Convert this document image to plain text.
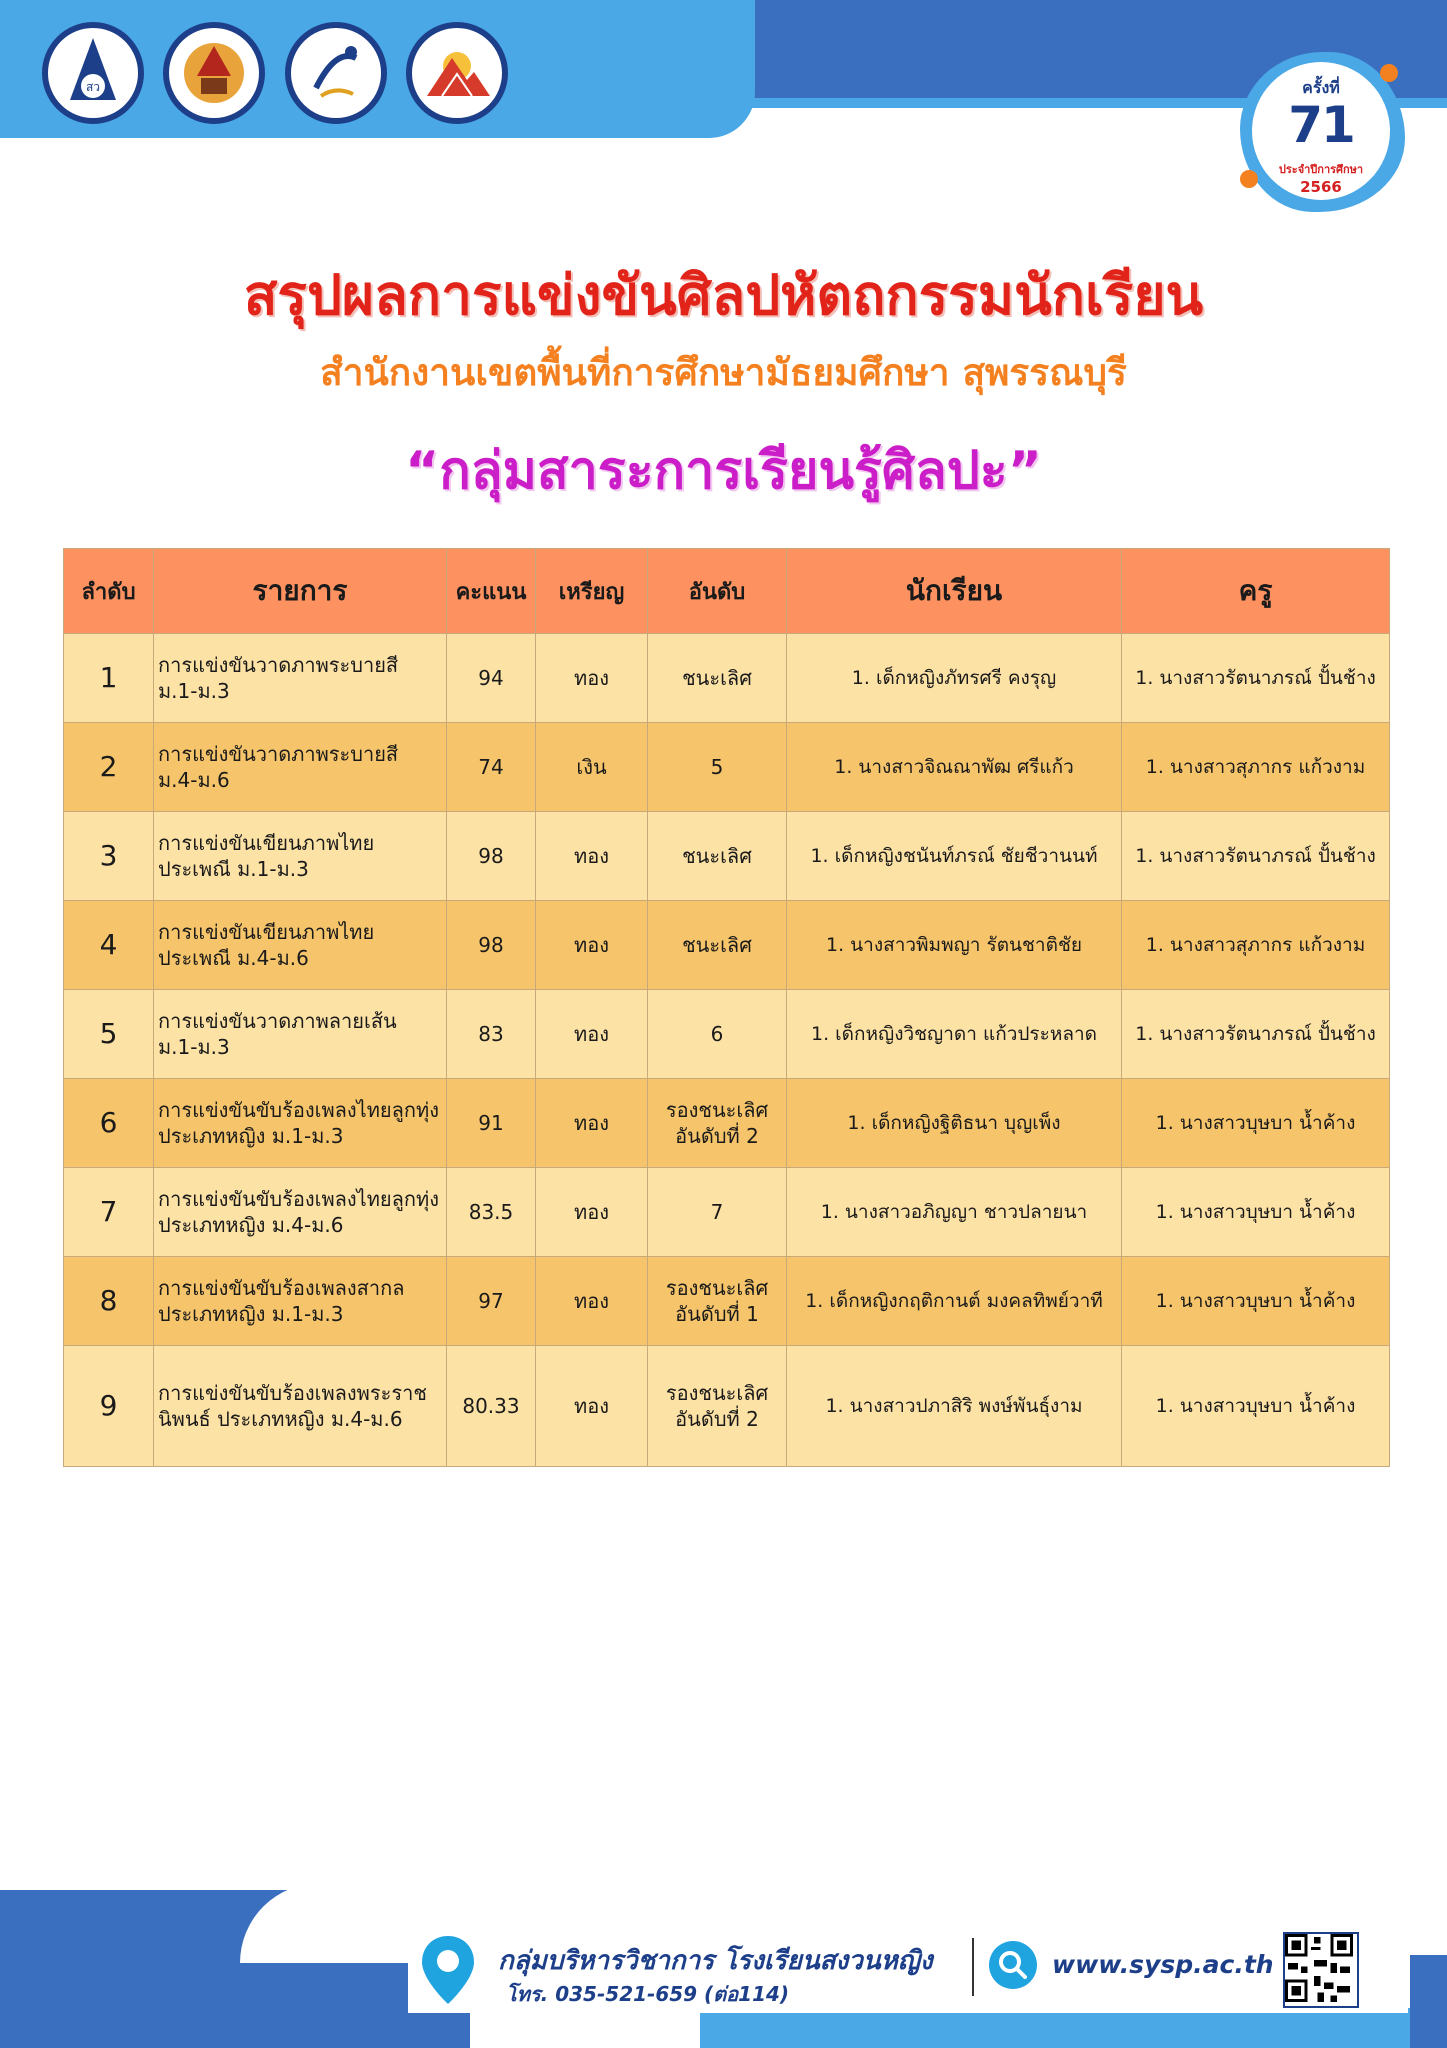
สว	ครั้งที่
71
ประจำปีการศึกษา
2566
สรุปผลการแข่งขันศิลปหัตถกรรมนักเรียน
สำนักงานเขตพื้นที่การศึกษามัธยมศึกษา สุพรรณบุรี
“กลุ่มสาระการเรียนรู้ศิลปะ”
ลำดับ	รายการ	คะแนน	เหรียญ	อันดับ	นักเรียน	ครู
1	การแข่งขันวาดภาพระบายสี ม.1-ม.3	94	ทอง	ชนะเลิศ	1. เด็กหญิงภัทรศรี คงรุญ	1. นางสาวรัตนาภรณ์ ปั้นช้าง
2	การแข่งขันวาดภาพระบายสี ม.4-ม.6	74	เงิน	5	1. นางสาวจิณณาพัฒ ศรีแก้ว	1. นางสาวสุภากร แก้วงาม
3	การแข่งขันเขียนภาพไทยประเพณี ม.1-ม.3	98	ทอง	ชนะเลิศ	1. เด็กหญิงชนันท์ภรณ์ ชัยชีวานนท์	1. นางสาวรัตนาภรณ์ ปั้นช้าง
4	การแข่งขันเขียนภาพไทยประเพณี ม.4-ม.6	98	ทอง	ชนะเลิศ	1. นางสาวพิมพญา รัตนชาติชัย	1. นางสาวสุภากร แก้วงาม
5	การแข่งขันวาดภาพลายเส้น ม.1-ม.3	83	ทอง	6	1. เด็กหญิงวิชญาดา แก้วประหลาด	1. นางสาวรัตนาภรณ์ ปั้นช้าง
6	การแข่งขันขับร้องเพลงไทยลูกทุ่ง ประเภทหญิง ม.1-ม.3	91	ทอง	รองชนะเลิศ อันดับที่ 2	1. เด็กหญิงฐิติธนา บุญเพ็ง	1. นางสาวบุษบา น้ำค้าง
7	การแข่งขันขับร้องเพลงไทยลูกทุ่ง ประเภทหญิง ม.4-ม.6	83.5	ทอง	7	1. นางสาวอภิญญา ชาวปลายนา	1. นางสาวบุษบา น้ำค้าง
8	การแข่งขันขับร้องเพลงสากล ประเภทหญิง ม.1-ม.3	97	ทอง	รองชนะเลิศ อันดับที่ 1	1. เด็กหญิงกฤติกานต์ มงคลทิพย์วาที	1. นางสาวบุษบา น้ำค้าง
9	การแข่งขันขับร้องเพลงพระราชนิพนธ์ ประเภทหญิง ม.4-ม.6	80.33	ทอง	รองชนะเลิศ อันดับที่ 2	1. นางสาวปภาสิริ พงษ์พันธุ์งาม	1. นางสาวบุษบา น้ำค้าง
กลุ่มบริหารวิชาการ โรงเรียนสงวนหญิง
โทร. 035-521-659 (ต่อ114)
www.sysp.ac.th
